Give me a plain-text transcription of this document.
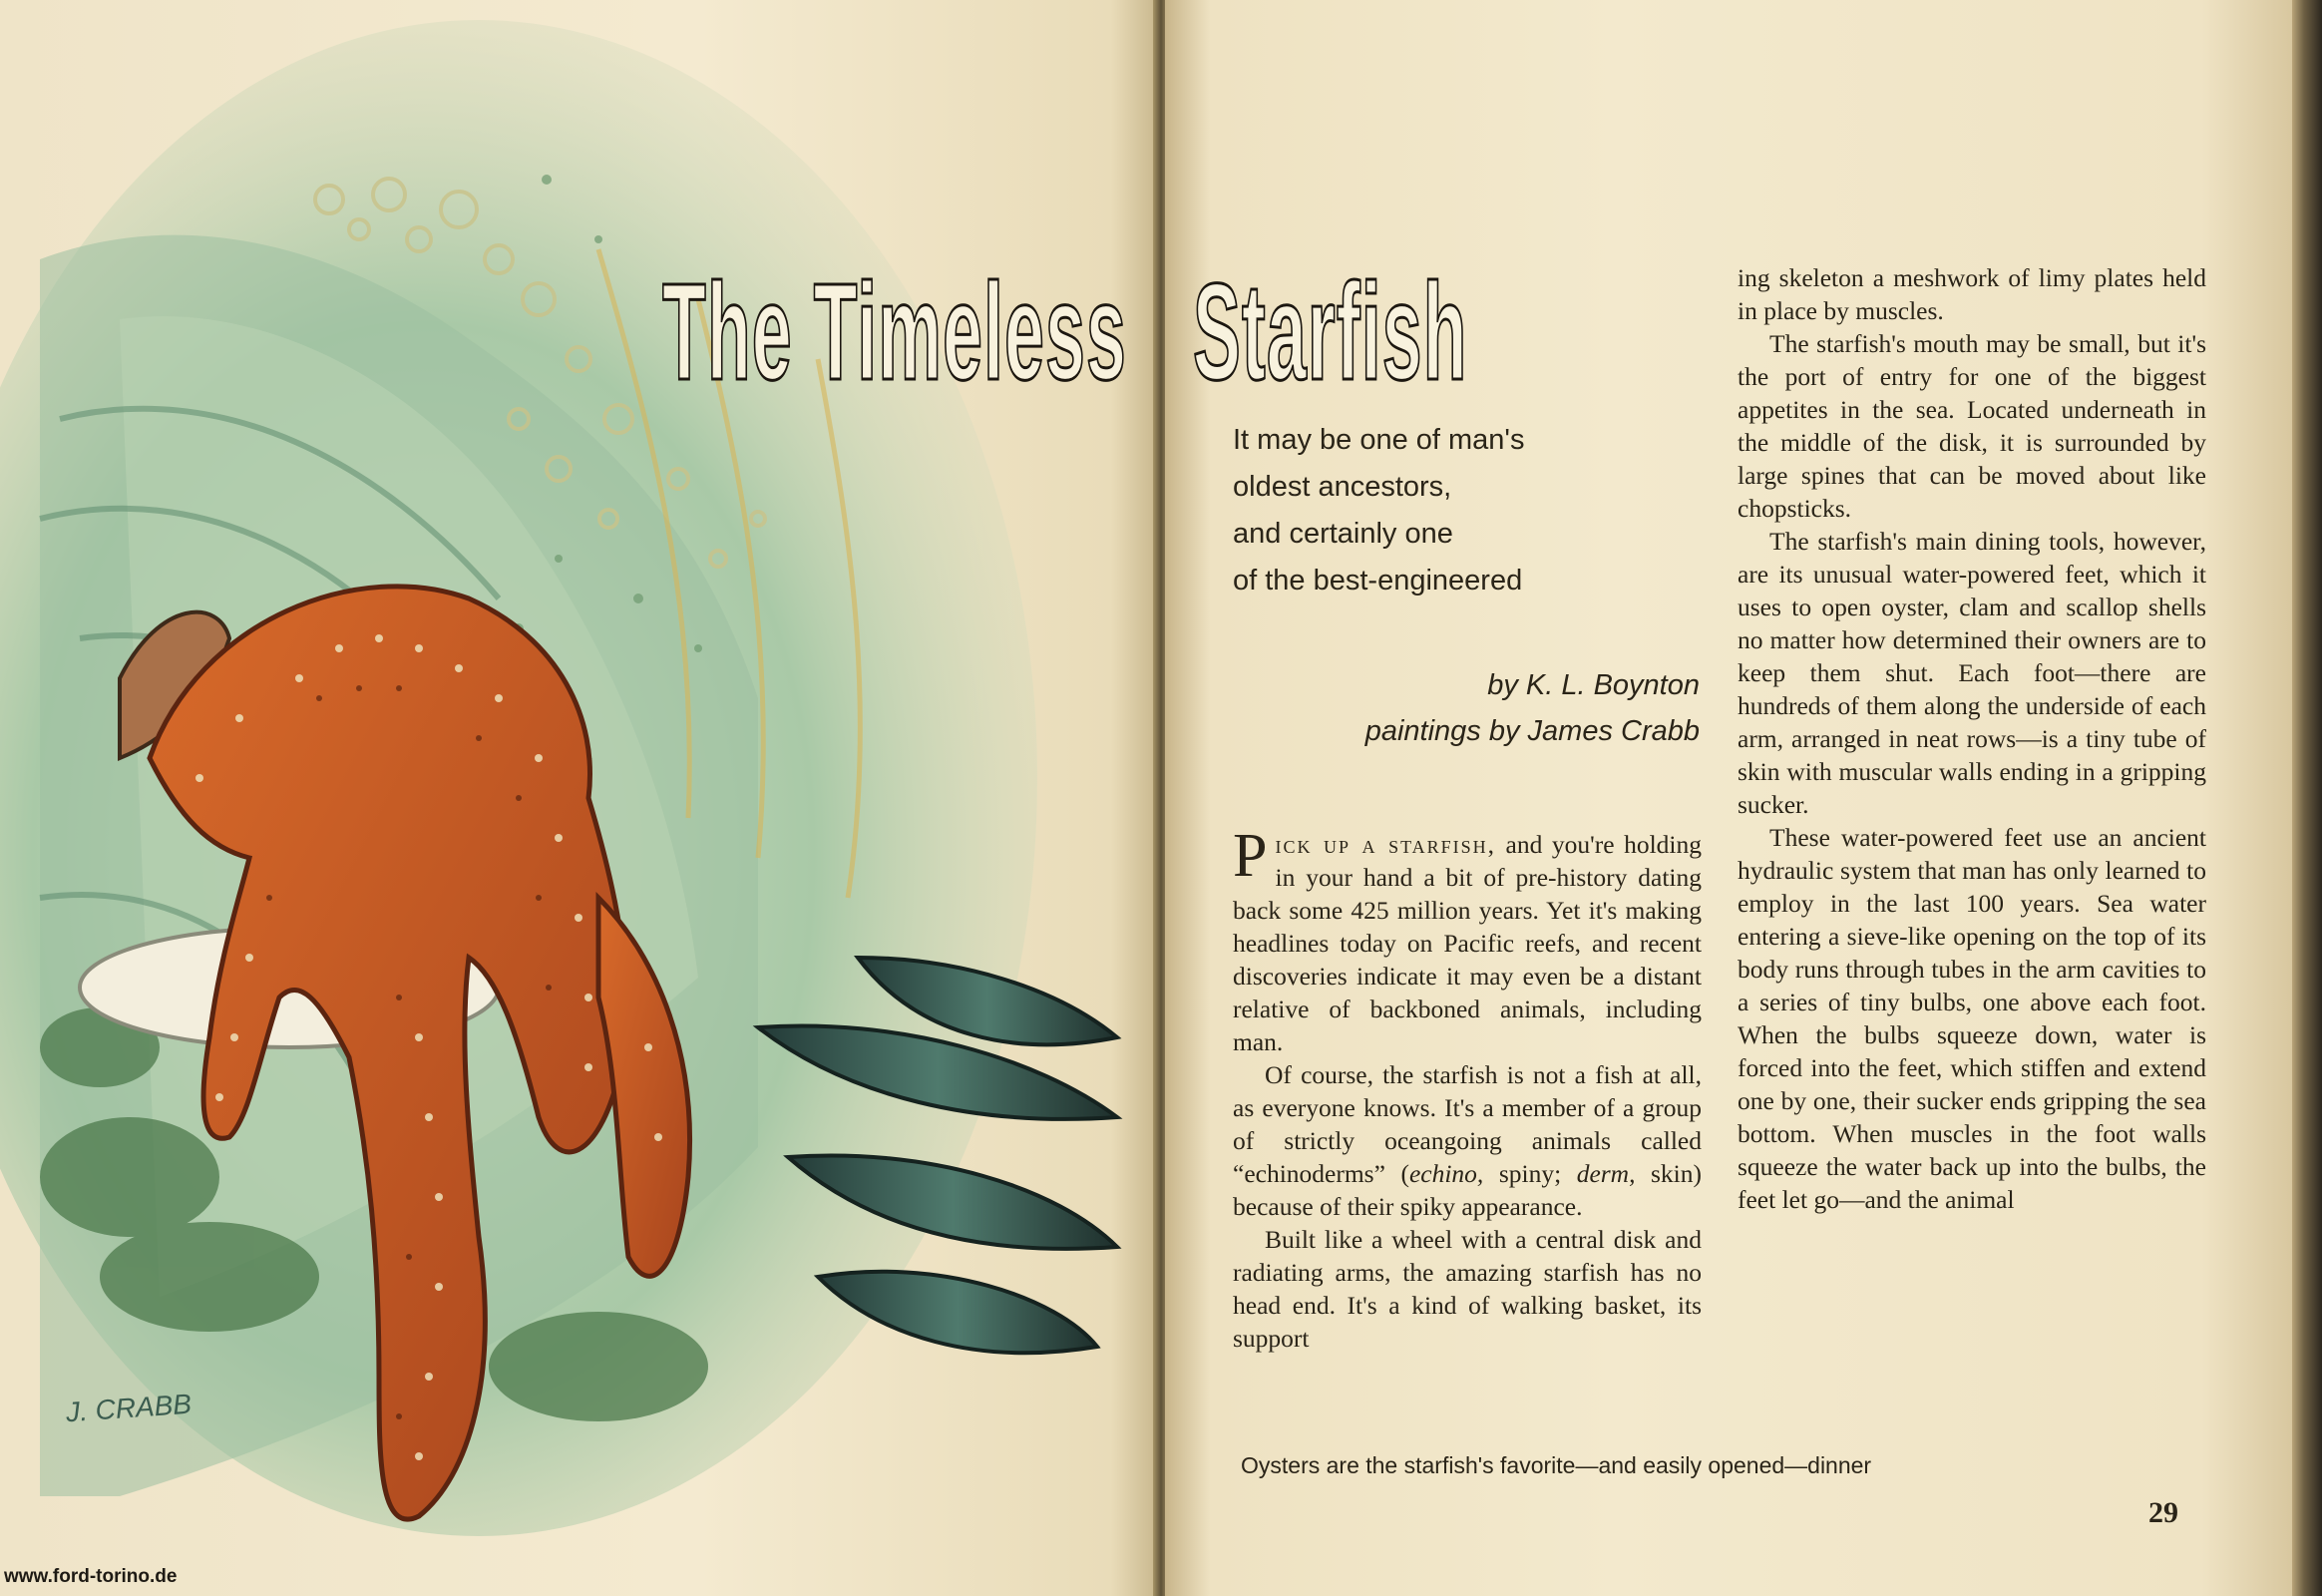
J. CRABB
www.ford-torino.de
The Timeless Starfish
It may be one of man's
oldest ancestors,
and certainly one
of the best-engineered
by K. L. Boynton
paintings by James Crabb

Pick up a starfish, and you're holding in your hand a bit of pre-history dating back some 425 million years. Yet it's making headlines today on Pacific reefs, and recent discoveries indicate it may even be a distant relative of backboned animals, including man.

Of course, the starfish is not a fish at all, as everyone knows. It's a member of a group of strictly oceangoing animals called “echinoderms” (echino, spiny; derm, skin) because of their spiky appearance.

Built like a wheel with a central disk and radiating arms, the amazing starfish has no head end. It's a kind of walking basket, its support

ing skeleton a meshwork of limy plates held in place by muscles.

The starfish's mouth may be small, but it's the port of entry for one of the biggest appetites in the sea. Located underneath in the middle of the disk, it is surrounded by large spines that can be moved about like chopsticks.

The starfish's main dining tools, however, are its unusual water-powered feet, which it uses to open oyster, clam and scallop shells no matter how determined their owners are to keep them shut. Each foot—there are hundreds of them along the underside of each arm, arranged in neat rows—is a tiny tube of skin with muscular walls ending in a gripping sucker.

These water-powered feet use an ancient hydraulic system that man has only learned to employ in the last 100 years. Sea water entering a sieve-like opening on the top of its body runs through tubes in the arm cavities to a series of tiny bulbs, one above each foot. When the bulbs squeeze down, water is forced into the feet, which stiffen and extend one by one, their sucker ends gripping the sea bottom. When muscles in the foot walls squeeze the water back up into the bulbs, the feet let go—and the animal

Oysters are the starfish's favorite—and easily opened—dinner
29
